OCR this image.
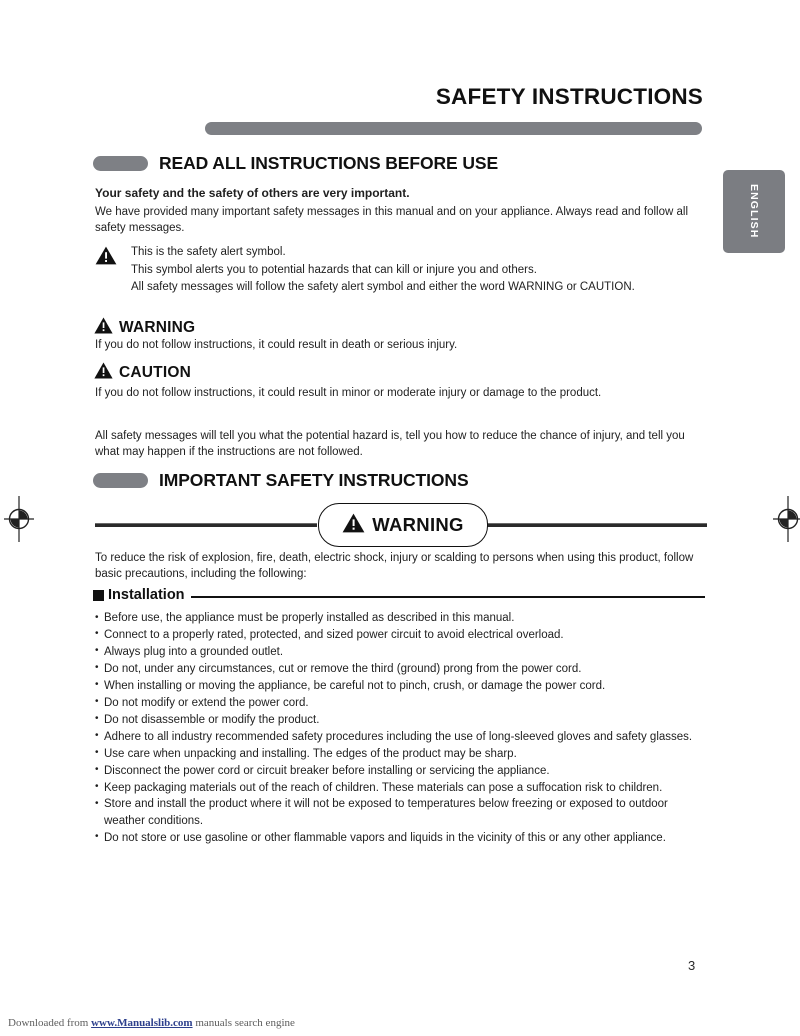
SAFETY INSTRUCTIONS
ENGLISH
READ ALL INSTRUCTIONS BEFORE USE
Your safety and the safety of others are very important.
We have provided many important safety messages in this manual and on your appliance. Always read and follow all safety messages.
This is the safety alert symbol.
This symbol alerts you to potential hazards that can kill or injure you and others.
All safety messages will follow the safety alert symbol and either the word WARNING or CAUTION.
WARNING
If you do not follow instructions, it could result in death or serious injury.
CAUTION
If you do not follow instructions, it could result in minor or moderate injury or damage to the product.
All safety messages will tell you what the potential hazard is, tell you how to reduce the chance of injury, and tell you what may happen if the instructions are not followed.
IMPORTANT SAFETY INSTRUCTIONS
WARNING
To reduce the risk of explosion, fire, death, electric shock, injury or scalding to persons when using this product, follow basic precautions, including the following:
Installation
• Before use, the appliance must be properly installed as described in this manual.
• Connect to a properly rated, protected, and sized power circuit to avoid electrical overload.
• Always plug into a grounded outlet.
• Do not, under any circumstances, cut or remove the third (ground) prong from the power cord.
• When installing or moving the appliance, be careful not to pinch, crush, or damage the power cord.
• Do not modify or extend the power cord.
• Do not disassemble or modify the product.
• Adhere to all industry recommended safety procedures including the use of long-sleeved gloves and safety glasses.
• Use care when unpacking and installing. The edges of the product may be sharp.
• Disconnect the power cord or circuit breaker before installing or servicing the appliance.
• Keep packaging materials out of the reach of children. These materials can pose a suffocation risk to children.
• Store and install the product where it will not be exposed to temperatures below freezing or exposed to outdoor weather conditions.
• Do not store or use gasoline or other flammable vapors and liquids in the vicinity of this or any other appliance.
3
Downloaded from www.Manualslib.com manuals search engine
